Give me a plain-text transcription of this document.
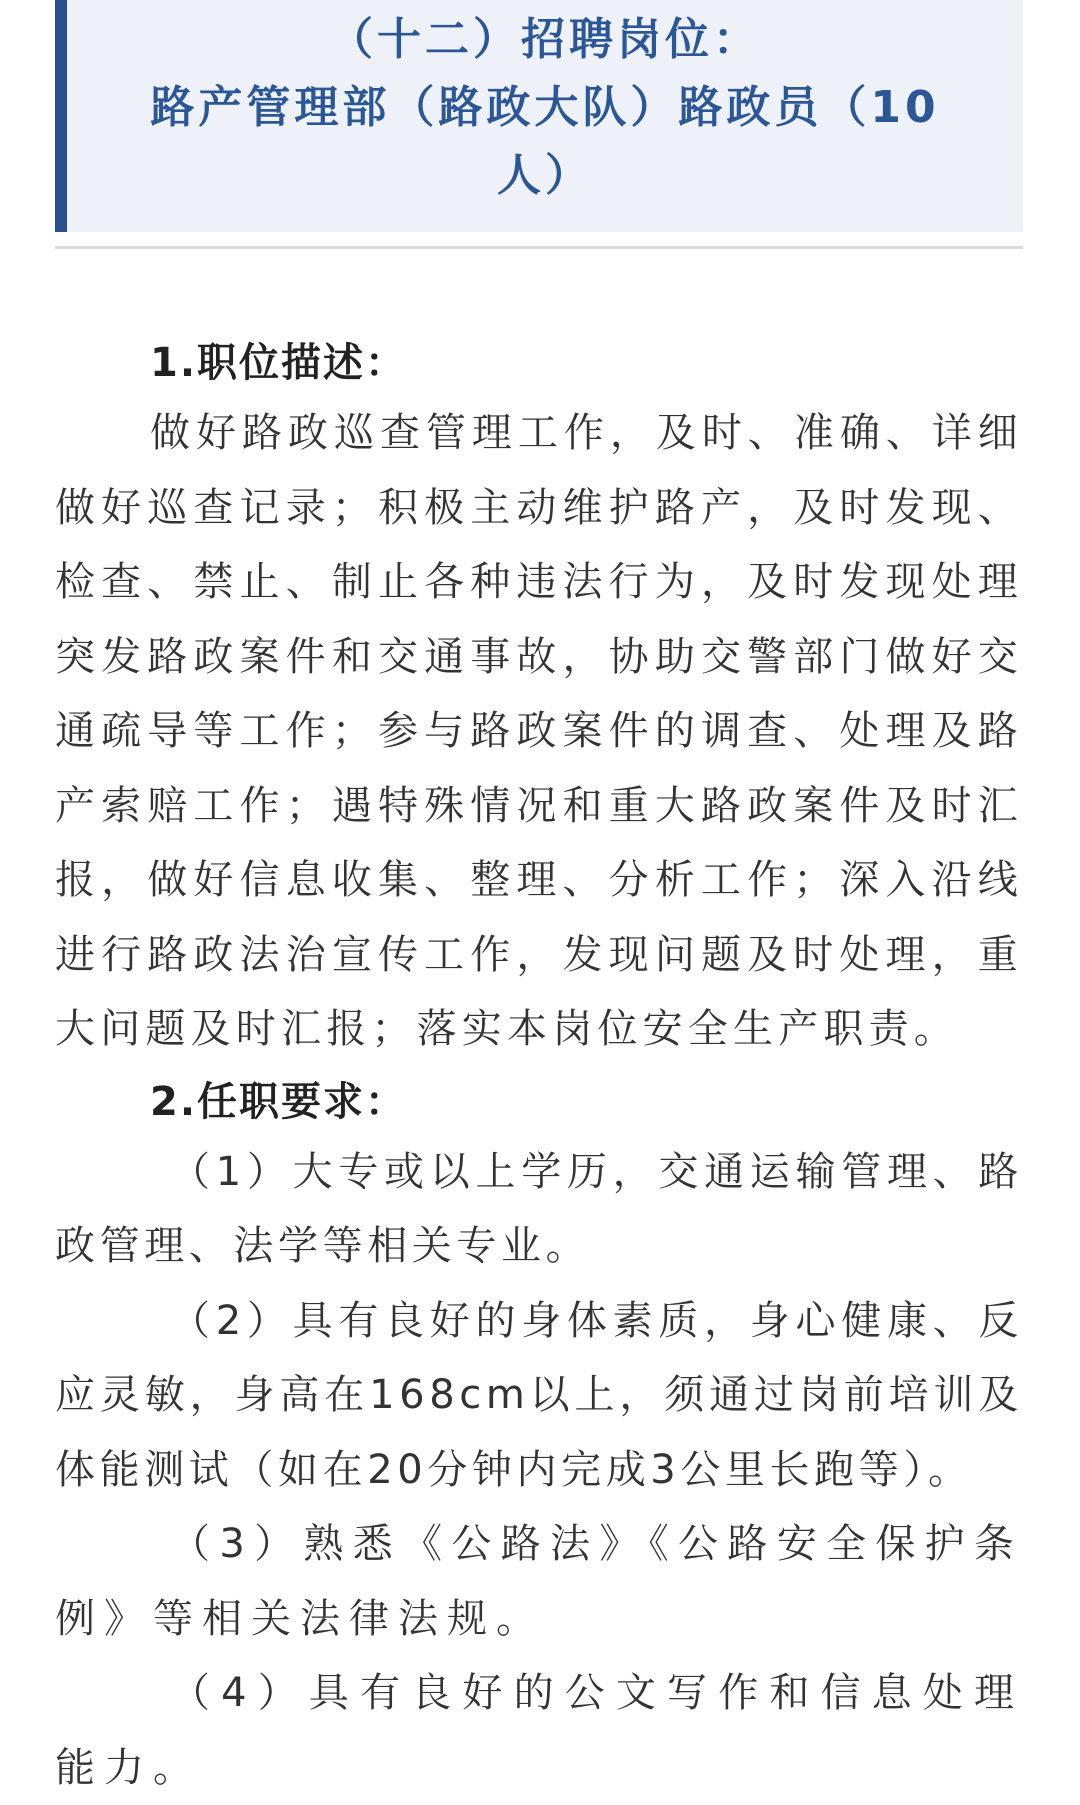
（十二）招聘岗位：
路产管理部（路政大队）路政员（10
人）
1.职位描述：

做好路政巡查管理工作，及时、准确、详细做好巡查记录；积极主动维护路产，及时发现、检查、禁止、制止各种违法行为，及时发现处理突发路政案件和交通事故，协助交警部门做好交通疏导等工作；参与路政案件的调查、处理及路产索赔工作；遇特殊情况和重大路政案件及时汇报，做好信息收集、整理、分析工作；深入沿线进行路政法治宣传工作，发现问题及时处理，重大问题及时汇报；落实本岗位安全生产职责。

2.任职要求：

（1）大专或以上学历，交通运输管理、路政管理、法学等相关专业。

（2）具有良好的身体素质，身心健康、反应灵敏，身高在168cm以上，须通过岗前培训及体能测试（如在20分钟内完成3公里长跑等）。

（3）熟悉《公路法》《公路安全保护条例》等相关法律法规。

（4）具有良好的公文写作和信息处理能力。
